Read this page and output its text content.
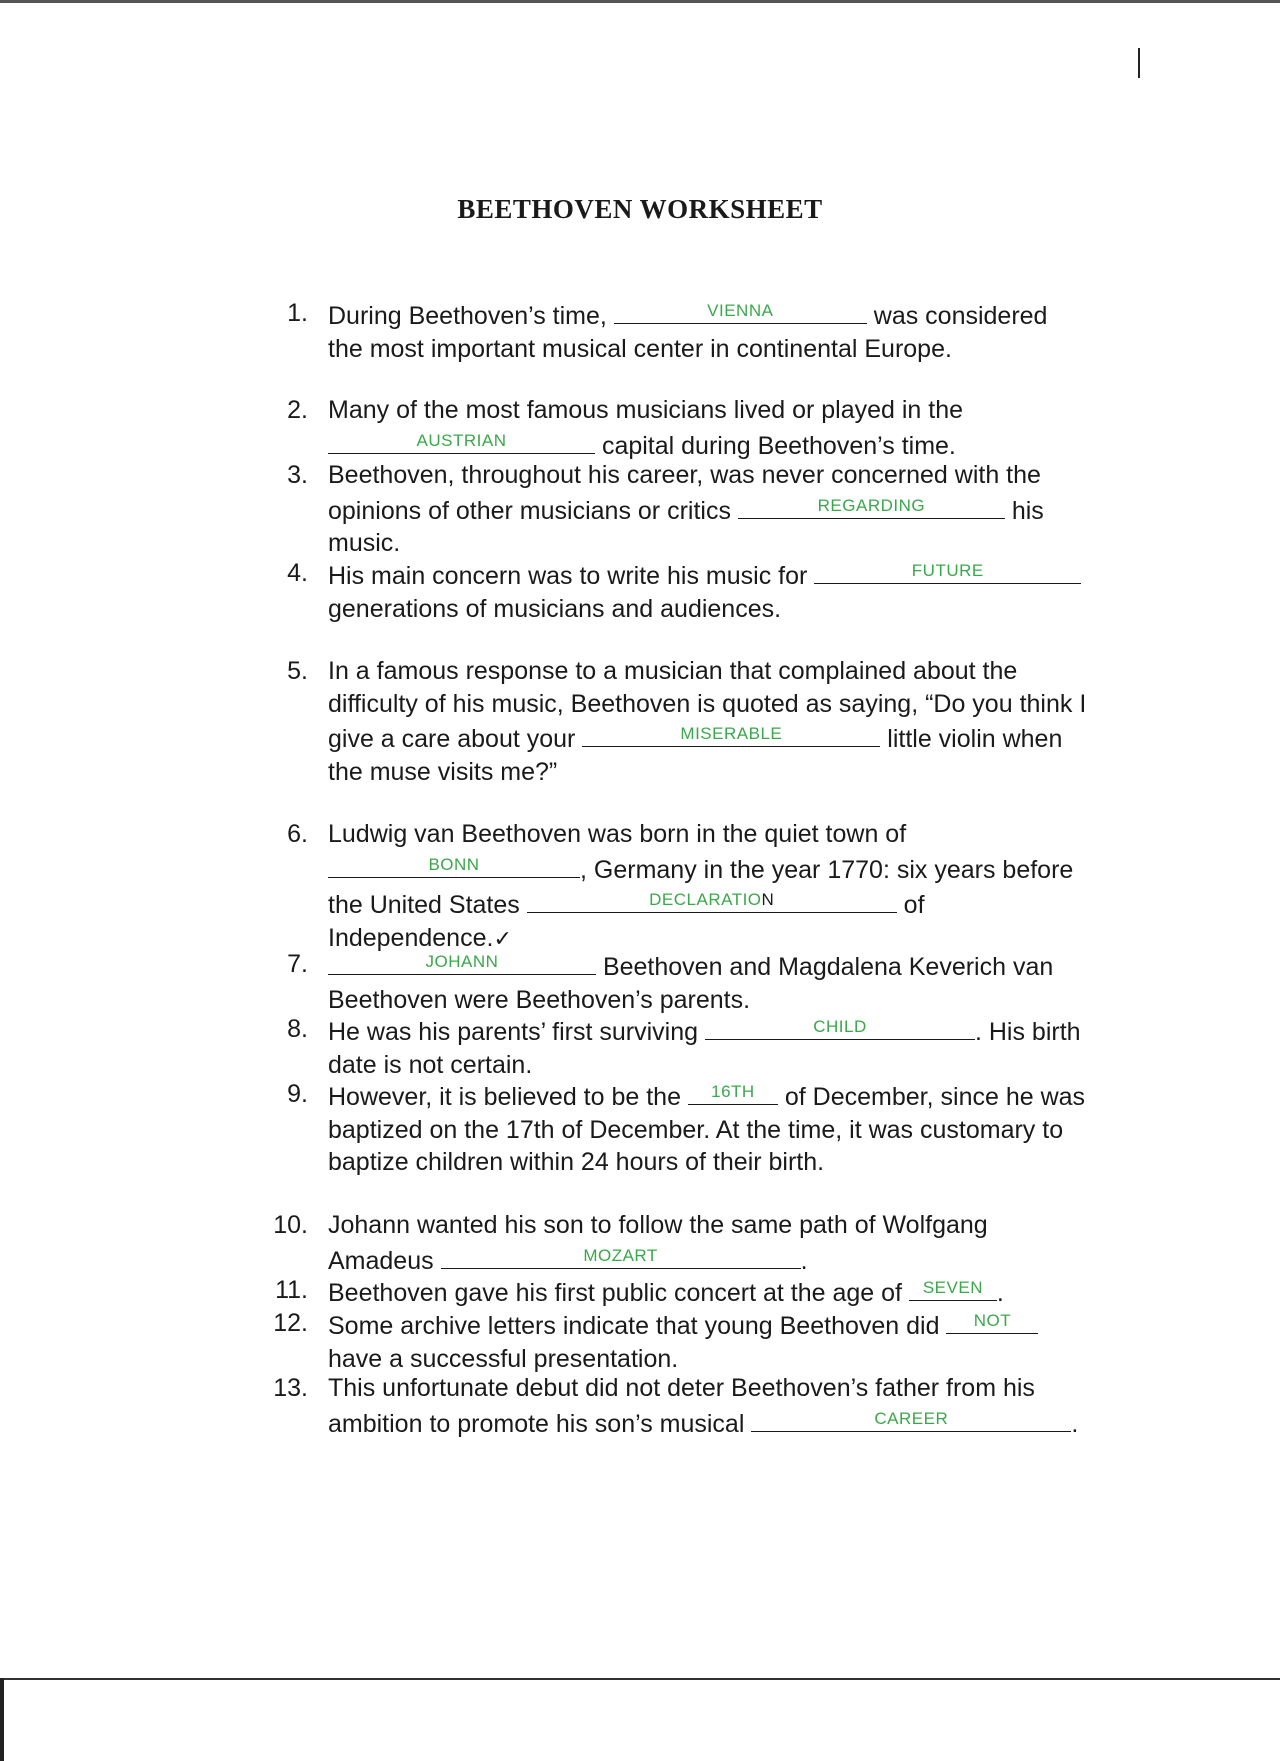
BEETHOVEN WORKSHEET
1. During Beethoven’s time,	VIENNA	was considered the most important musical center in continental Europe.
2. Many of the most famous musicians lived or played in the
AUSTRIAN	capital during Beethoven’s time.
3. Beethoven, throughout his career, was never concerned with the opinions of other musicians or critics	REGARDING	his music.
4. His main concern was to write his music for	FUTURE
generations of musicians and audiences.
5. In a famous response to a musician that complained about the difficulty of his music, Beethoven is quoted as saying, “Do you think I give a care about your	MISERABLE	little violin when the muse visits me?”
6. Ludwig van Beethoven was born in the quiet town of
BONN	, Germany in the year 1770: six years before the United States	DECLARATION	of Independence.✓
7.	JOHANN	Beethoven and Magdalena Keverich van Beethoven were Beethoven’s parents.
8. He was his parents’ first surviving	CHILD	. His birth date is not certain.
9. However, it is believed to be the	16TH of December, since he was baptized on the 17th of December. At the time, it was customary to baptize children within 24 hours of their birth.
10. Johann wanted his son to follow the same path of Wolfgang Amadeus	MOZART	.
11. Beethoven gave his first public concert at the age of SEVEN .
12. Some archive letters indicate that young Beethoven did	NOT
have a successful presentation.
13. This unfortunate debut did not deter Beethoven’s father from his ambition to promote his son’s musical	CAREER	.
